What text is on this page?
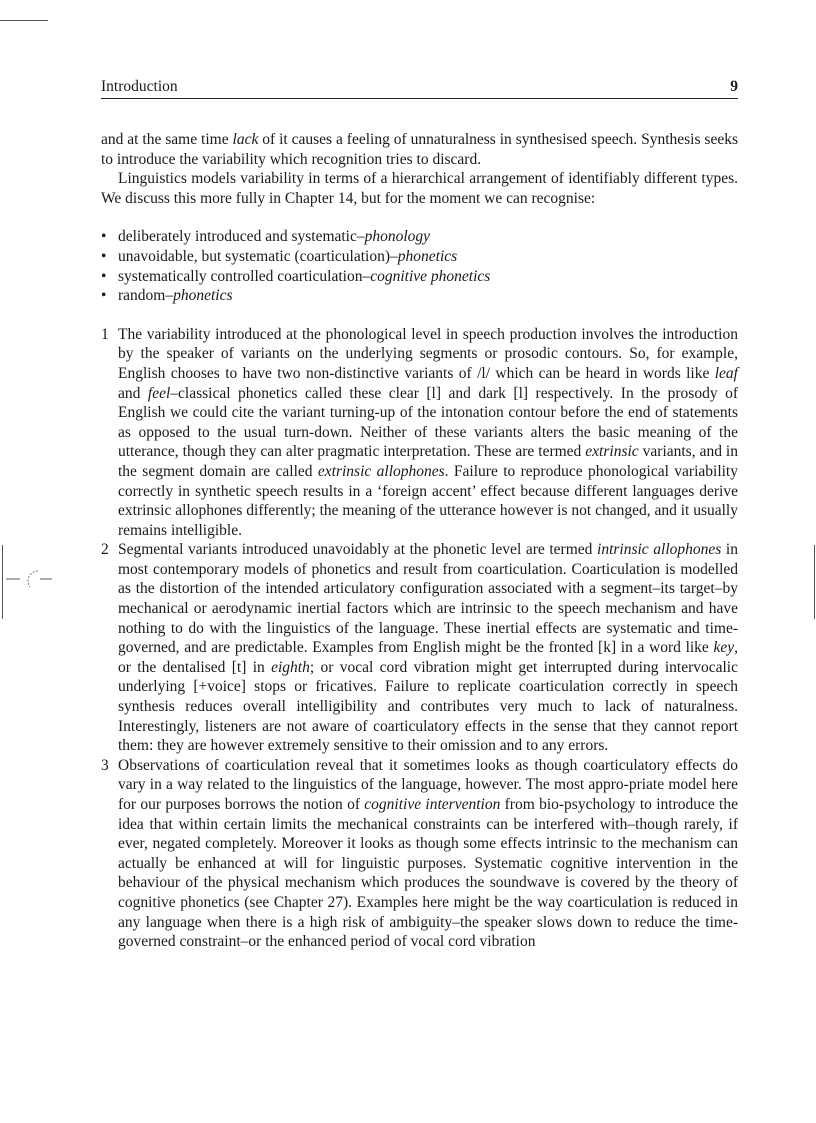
Introduction	9

and at the same time lack of it causes a feeling of unnaturalness in synthesised speech. Synthesis seeks to introduce the variability which recognition tries to discard.

Linguistics models variability in terms of a hierarchical arrangement of identifiably different types. We discuss this more fully in Chapter 14, but for the moment we can recognise:

• deliberately introduced and systematic–phonology
• unavoidable, but systematic (coarticulation)–phonetics
• systematically controlled coarticulation–cognitive phonetics
• random–phonetics
1 The variability introduced at the phonological level in speech production involves the introduction by the speaker of variants on the underlying segments or prosodic contours. So, for example, English chooses to have two non-distinctive variants of /l/ which can be heard in words like leaf and feel–classical phonetics called these clear [l] and dark [l] respectively. In the prosody of English we could cite the variant turning-up of the intonation contour before the end of statements as opposed to the usual turn-down. Neither of these variants alters the basic meaning of the utterance, though they can alter pragmatic interpretation. These are termed extrinsic variants, and in the segment domain are called extrinsic allophones. Failure to reproduce phonological variability correctly in synthetic speech results in a ‘foreign accent’ effect because different languages derive extrinsic allophones differently; the meaning of the utterance however is not changed, and it usually remains intelligible.
2 Segmental variants introduced unavoidably at the phonetic level are termed intrinsic allophones in most contemporary models of phonetics and result from coarticulation. Coarticulation is modelled as the distortion of the intended articulatory configuration associated with a segment–its target–by mechanical or aerodynamic inertial factors which are intrinsic to the speech mechanism and have nothing to do with the linguistics of the language. These inertial effects are systematic and time-governed, and are predictable. Examples from English might be the fronted [k] in a word like key, or the dentalised [t] in eighth; or vocal cord vibration might get interrupted during intervocalic underlying [+voice] stops or fricatives. Failure to replicate coarticulation correctly in speech synthesis reduces overall intelligibility and contributes very much to lack of naturalness. Interestingly, listeners are not aware of coarticulatory effects in the sense that they cannot report them: they are however extremely sensitive to their omission and to any errors.
3 Observations of coarticulation reveal that it sometimes looks as though coarticulatory effects do vary in a way related to the linguistics of the language, however. The most appro-priate model here for our purposes borrows the notion of cognitive intervention from bio-psychology to introduce the idea that within certain limits the mechanical constraints can be interfered with–though rarely, if ever, negated completely. Moreover it looks as though some effects intrinsic to the mechanism can actually be enhanced at will for linguistic purposes. Systematic cognitive intervention in the behaviour of the physical mechanism which produces the soundwave is covered by the theory of cognitive phonetics (see Chapter 27). Examples here might be the way coarticulation is reduced in any language when there is a high risk of ambiguity–the speaker slows down to reduce the time-governed constraint–or the enhanced period of vocal cord vibration
